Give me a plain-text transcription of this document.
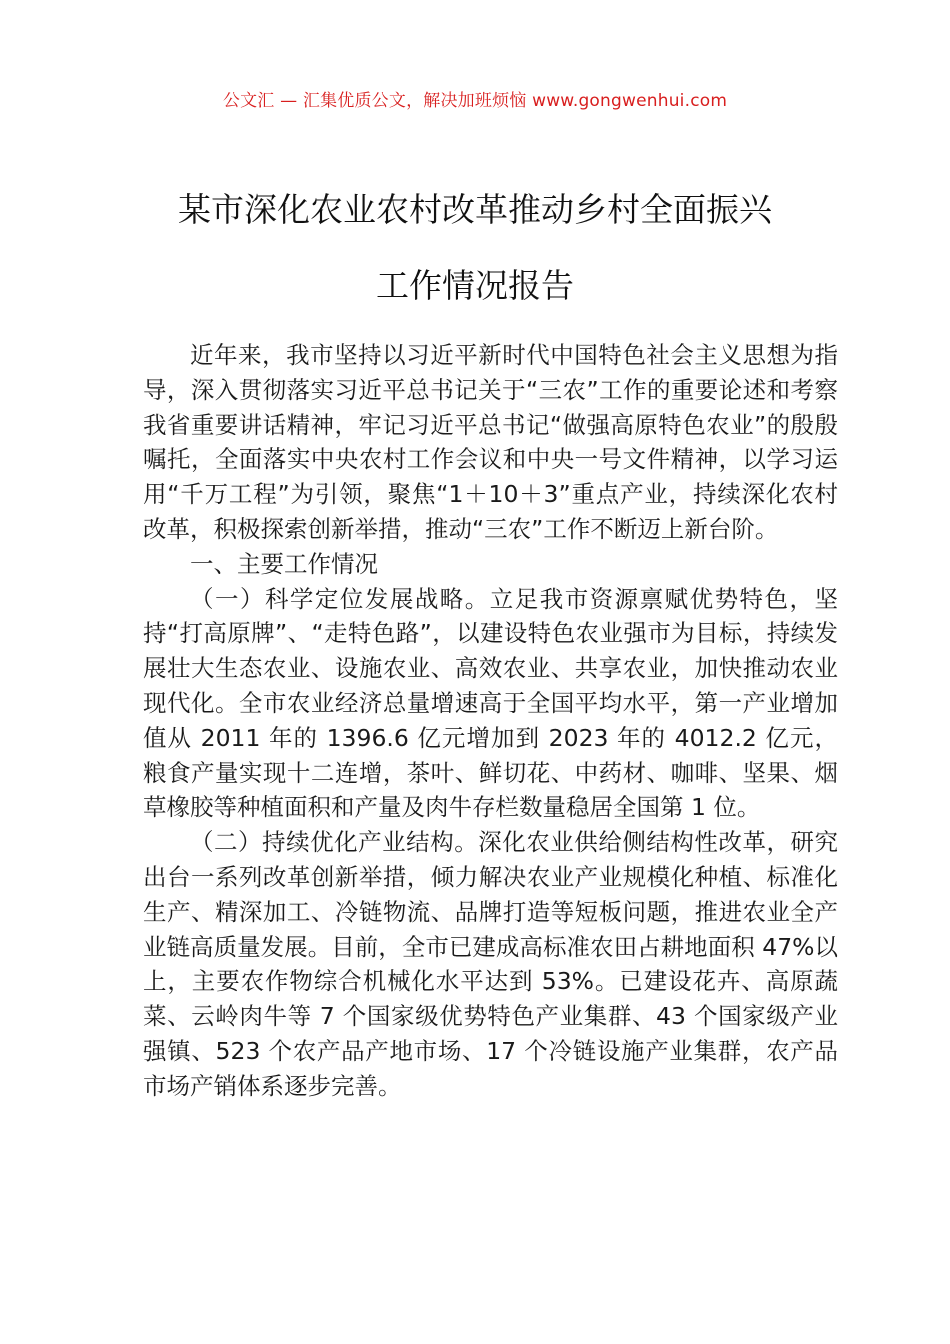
公文汇 — 汇集优质公文，解决加班烦恼 www.gongwenhui.com
某市深化农业农村改革推动乡村全面振兴
工作情况报告

近年来，我市坚持以习近平新时代中国特色社会主义思想为指导，深入贯彻落实习近平总书记关于“三农”工作的重要论述和考察我省重要讲话精神，牢记习近平总书记“做强高原特色农业”的殷殷嘱托，全面落实中央农村工作会议和中央一号文件精神，以学习运用“千万工程”为引领，聚焦“1＋10＋3”重点产业，持续深化农村改革，积极探索创新举措，推动“三农”工作不断迈上新台阶。

一、主要工作情况

（一）科学定位发展战略。立足我市资源禀赋优势特色，坚持“打高原牌”、“走特色路”，以建设特色农业强市为目标，持续发展壮大生态农业、设施农业、高效农业、共享农业，加快推动农业现代化。全市农业经济总量增速高于全国平均水平，第一产业增加值从 2011 年的 1396.6 亿元增加到 2023 年的 4012.2 亿元，粮食产量实现十二连增，茶叶、鲜切花、中药材、咖啡、坚果、烟草橡胶等种植面积和产量及肉牛存栏数量稳居全国第 1 位。

（二）持续优化产业结构。深化农业供给侧结构性改革，研究出台一系列改革创新举措，倾力解决农业产业规模化种植、标准化生产、精深加工、冷链物流、品牌打造等短板问题，推进农业全产业链高质量发展。目前，全市已建成高标准农田占耕地面积 47%以上，主要农作物综合机械化水平达到 53%。已建设花卉、高原蔬菜、云岭肉牛等 7 个国家级优势特色产业集群、43 个国家级产业强镇、523 个农产品产地市场、17 个冷链设施产业集群，农产品市场产销体系逐步完善。
